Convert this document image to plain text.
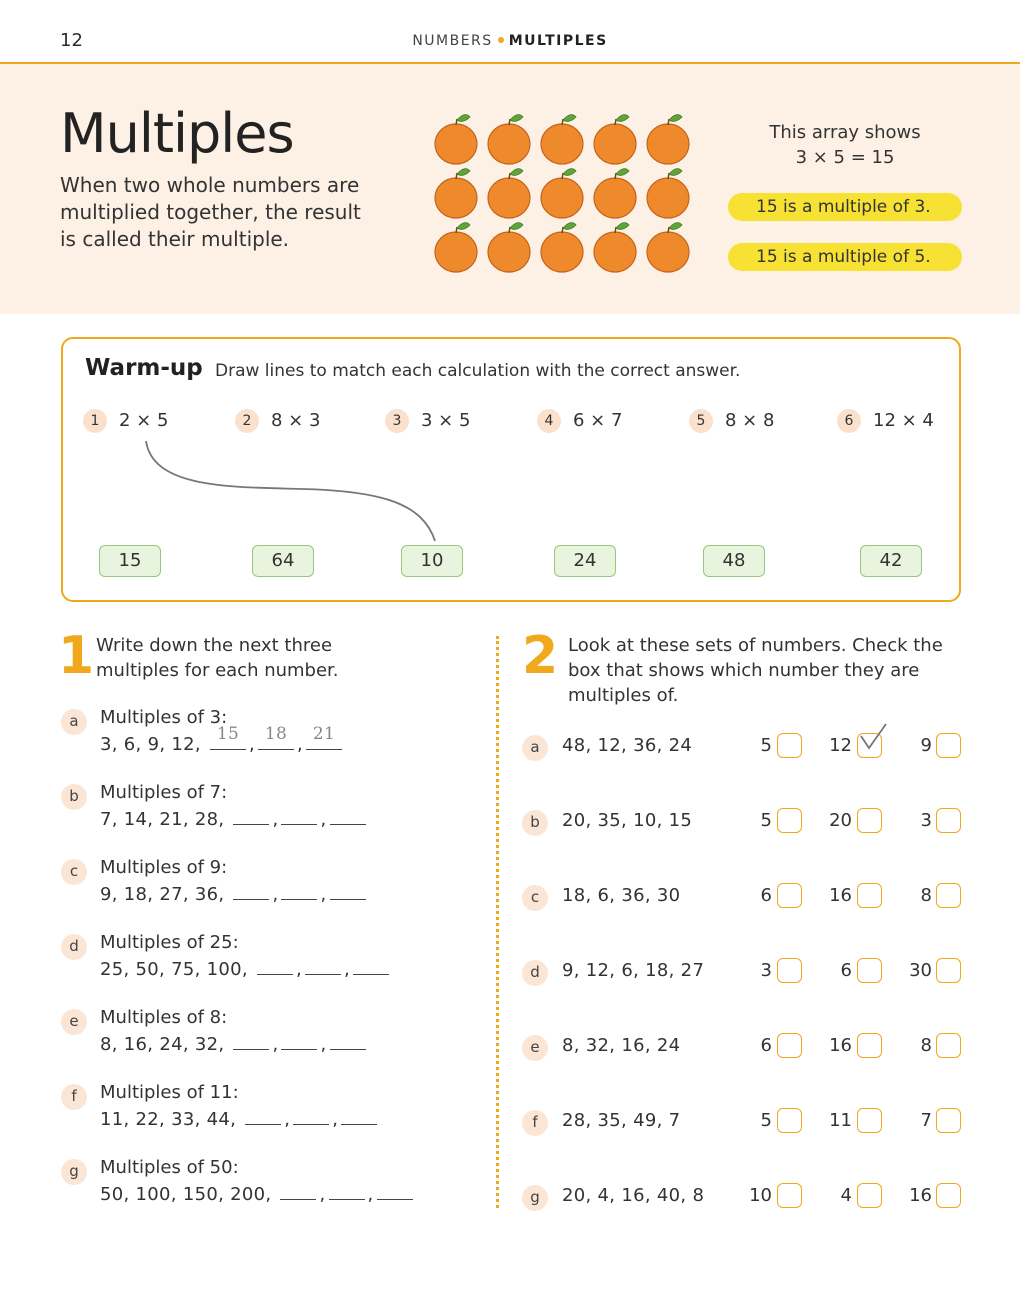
12	NUMBERS MULTIPLES
Multiples
When two whole numbers are multiplied together, the result is called their multiple.
This array shows
3 × 5 = 15
15 is a multiple of 3.
15 is a multiple of 5.
Warm-up Draw lines to match each calculation with the correct answer.
1 2 × 5	2 8 × 3	3 3 × 5	4 6 × 7	5 8 × 8	6 12 × 4
15	64	10	24	48	42
1 Write down the next three
multiples for each number.
a	Multiples of 3:
3, 6, 9, 12, 15 , 18 , 21
b	Multiples of 7:
7, 14, 21, 28,	, ,
c	Multiples of 9:
9, 18, 27, 36,	, ,
d	Multiples of 25:
25, 50, 75, 100,	, ,
e	Multiples of 8:
8, 16, 24, 32,	, ,
f	Multiples of 11:
11, 22, 33, 44,	, ,
g	Multiples of 50:
50, 100, 150, 200,	, ,
2 Look at these sets of numbers. Check the
box that shows which number they are
multiples of.
a	48, 12, 36, 24	5	12	9
b	20, 35, 10, 15	5	20	3
c	18, 6, 36, 30	6	16	8
d	9, 12, 6, 18, 27	3	6	30
e	8, 32, 16, 24	6	16	8
f	28, 35, 49, 7	5	11	7
g	20, 4, 16, 40, 8	10	4	16
